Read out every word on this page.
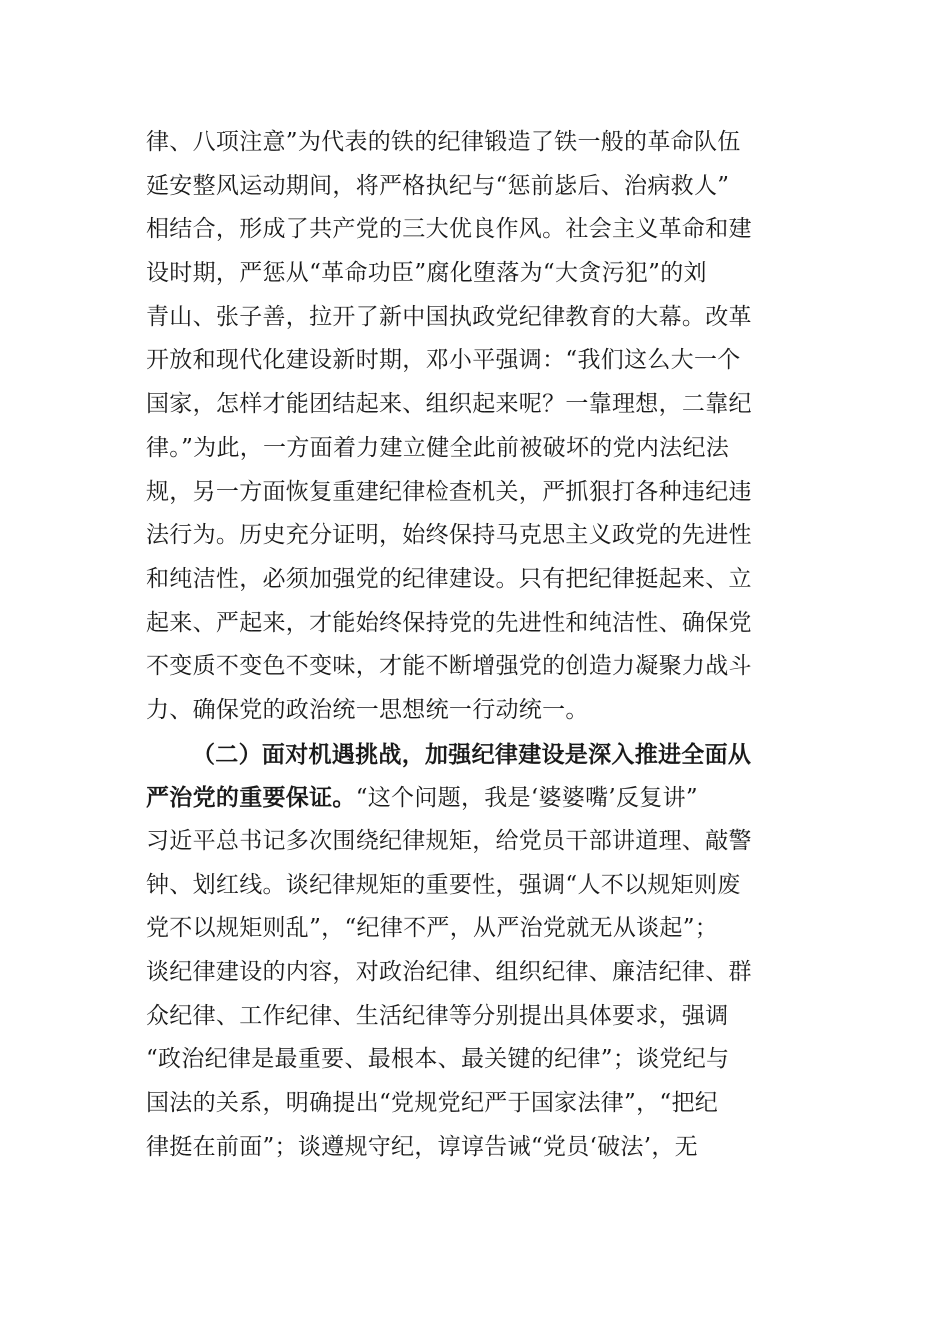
律、八项注意”为代表的铁的纪律锻造了铁一般的革命队伍
延安整风运动期间，将严格执纪与“惩前毖后、治病救人”
相结合，形成了共产党的三大优良作风。社会主义革命和建
设时期，严惩从“革命功臣”腐化堕落为“大贪污犯”的刘
青山、张子善，拉开了新中国执政党纪律教育的大幕。改革
开放和现代化建设新时期，邓小平强调：“我们这么大一个
国家，怎样才能团结起来、组织起来呢？一靠理想，二靠纪
律。”为此，一方面着力建立健全此前被破坏的党内法纪法
规，另一方面恢复重建纪律检查机关，严抓狠打各种违纪违
法行为。历史充分证明，始终保持马克思主义政党的先进性
和纯洁性，必须加强党的纪律建设。只有把纪律挺起来、立
起来、严起来，才能始终保持党的先进性和纯洁性、确保党
不变质不变色不变味，才能不断增强党的创造力凝聚力战斗
力、确保党的政治统一思想统一行动统一。
（二）面对机遇挑战，加强纪律建设是深入推进全面从
严治党的重要保证。“这个问题，我是‘婆婆嘴’反复讲”
习近平总书记多次围绕纪律规矩，给党员干部讲道理、敲警
钟、划红线。谈纪律规矩的重要性，强调“人不以规矩则废
党不以规矩则乱”，“纪律不严，从严治党就无从谈起”；
谈纪律建设的内容，对政治纪律、组织纪律、廉洁纪律、群
众纪律、工作纪律、生活纪律等分别提出具体要求，强调
“政治纪律是最重要、最根本、最关键的纪律”；谈党纪与
国法的关系，明确提出“党规党纪严于国家法律”，“把纪
律挺在前面”；谈遵规守纪，谆谆告诫“党员‘破法’，无
